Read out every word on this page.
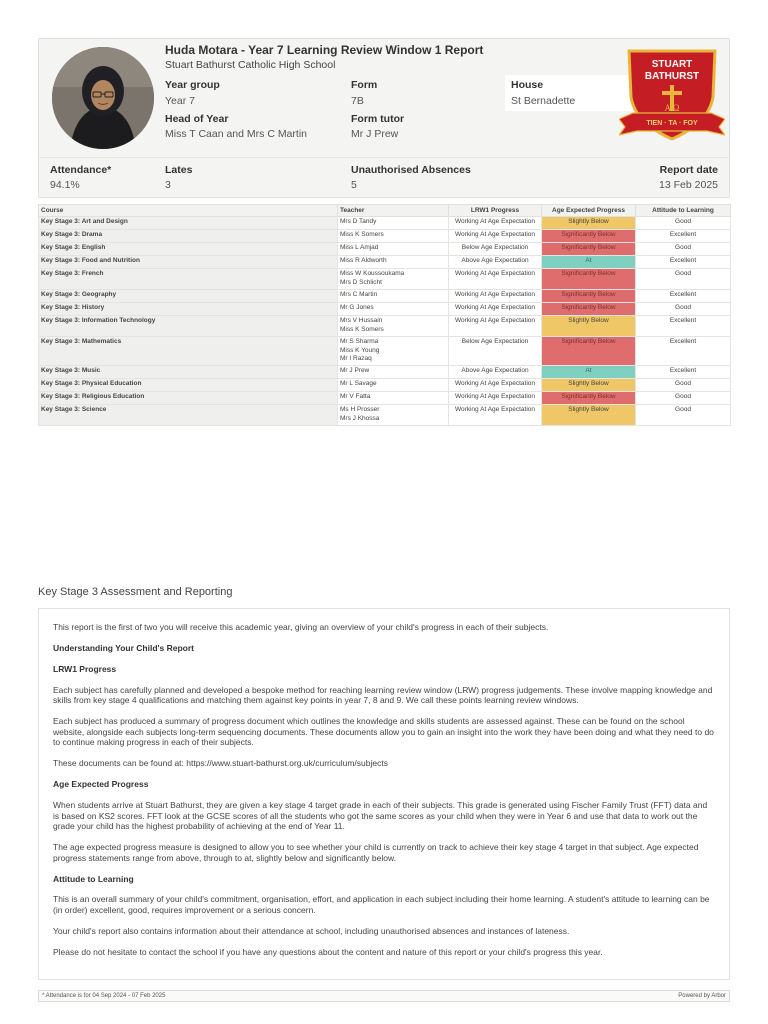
Huda Motara - Year 7 Learning Review Window 1 Report
Stuart Bathurst Catholic High School
Year group
Year 7
Form
7B
House
St Bernadette
Head of Year
Miss T Caan and Mrs C Martin
Form tutor
Mr J Prew
STUART
BATHURST
A Ω
TIEN · TA · FOY
Attendance*
94.1%
Lates
3
Unauthorised Absences
5
Report date
13 Feb 2025
Course	Teacher	LRW1 Progress	Age Expected Progress	Attitude to Learning
Key Stage 3: Art and Design	Mrs D Tandy	Working At Age Expectation	Slightly Below	Good
Key Stage 3: Drama	Miss K Somers	Working At Age Expectation	Significantly Below	Excellent
Key Stage 3: English	Miss L Amjad	Below Age Expectation	Significantly Below	Good
Key Stage 3: Food and Nutrition	Miss R Aldworth	Above Age Expectation	At	Excellent
Key Stage 3: French	Miss W Koussoukama
Mrs D Schlicht	Working At Age Expectation	Significantly Below	Good
Key Stage 3: Geography	Mrs C Martin	Working At Age Expectation	Significantly Below	Excellent
Key Stage 3: History	Mr G Jones	Working At Age Expectation	Significantly Below	Good
Key Stage 3: Information Technology	Mrs V Hussain
Miss K Somers	Working At Age Expectation	Slightly Below	Excellent
Key Stage 3: Mathematics	Mr S Sharma
Miss K Young
Mr I Razaq	Below Age Expectation	Significantly Below	Excellent
Key Stage 3: Music	Mr J Prew	Above Age Expectation	At	Excellent
Key Stage 3: Physical Education	Mr L Savage	Working At Age Expectation	Slightly Below	Good
Key Stage 3: Religious Education	Mr V Fatta	Working At Age Expectation	Significantly Below	Good
Key Stage 3: Science	Ms H Prosser
Mrs J Khossa	Working At Age Expectation	Slightly Below	Good
Key Stage 3 Assessment and Reporting

This report is the first of two you will receive this academic year, giving an overview of your child's progress in each of their subjects.

Understanding Your Child's Report

LRW1 Progress

Each subject has carefully planned and developed a bespoke method for reaching learning review window (LRW) progress judgements. These involve mapping knowledge and skills from key stage 4 qualifications and matching them against key points in year 7, 8 and 9. We call these points learning review windows.

Each subject has produced a summary of progress document which outlines the knowledge and skills students are assessed against. These can be found on the school website, alongside each subjects long-term sequencing documents. These documents allow you to gain an insight into the work they have been doing and what they need to do to continue making progress in each of their subjects.

These documents can be found at: https://www.stuart-bathurst.org.uk/curriculum/subjects

Age Expected Progress

When students arrive at Stuart Bathurst, they are given a key stage 4 target grade in each of their subjects. This grade is generated using Fischer Family Trust (FFT) data and is based on KS2 scores. FFT look at the GCSE scores of all the students who got the same scores as your child when they were in Year 6 and use that data to work out the grade your child has the highest probability of achieving at the end of Year 11.

The age expected progress measure is designed to allow you to see whether your child is currently on track to achieve their key stage 4 target in that subject. Age expected progress statements range from above, through to at, slightly below and significantly below.

Attitude to Learning

This is an overall summary of your child's commitment, organisation, effort, and application in each subject including their home learning. A student's attitude to learning can be (in order) excellent, good, requires improvement or a serious concern.

Your child's report also contains information about their attendance at school, including unauthorised absences and instances of lateness.

Please do not hesitate to contact the school if you have any questions about the content and nature of this report or your child's progress this year.

* Attendance is for 04 Sep 2024 - 07 Feb 2025	Powered by Arbor
